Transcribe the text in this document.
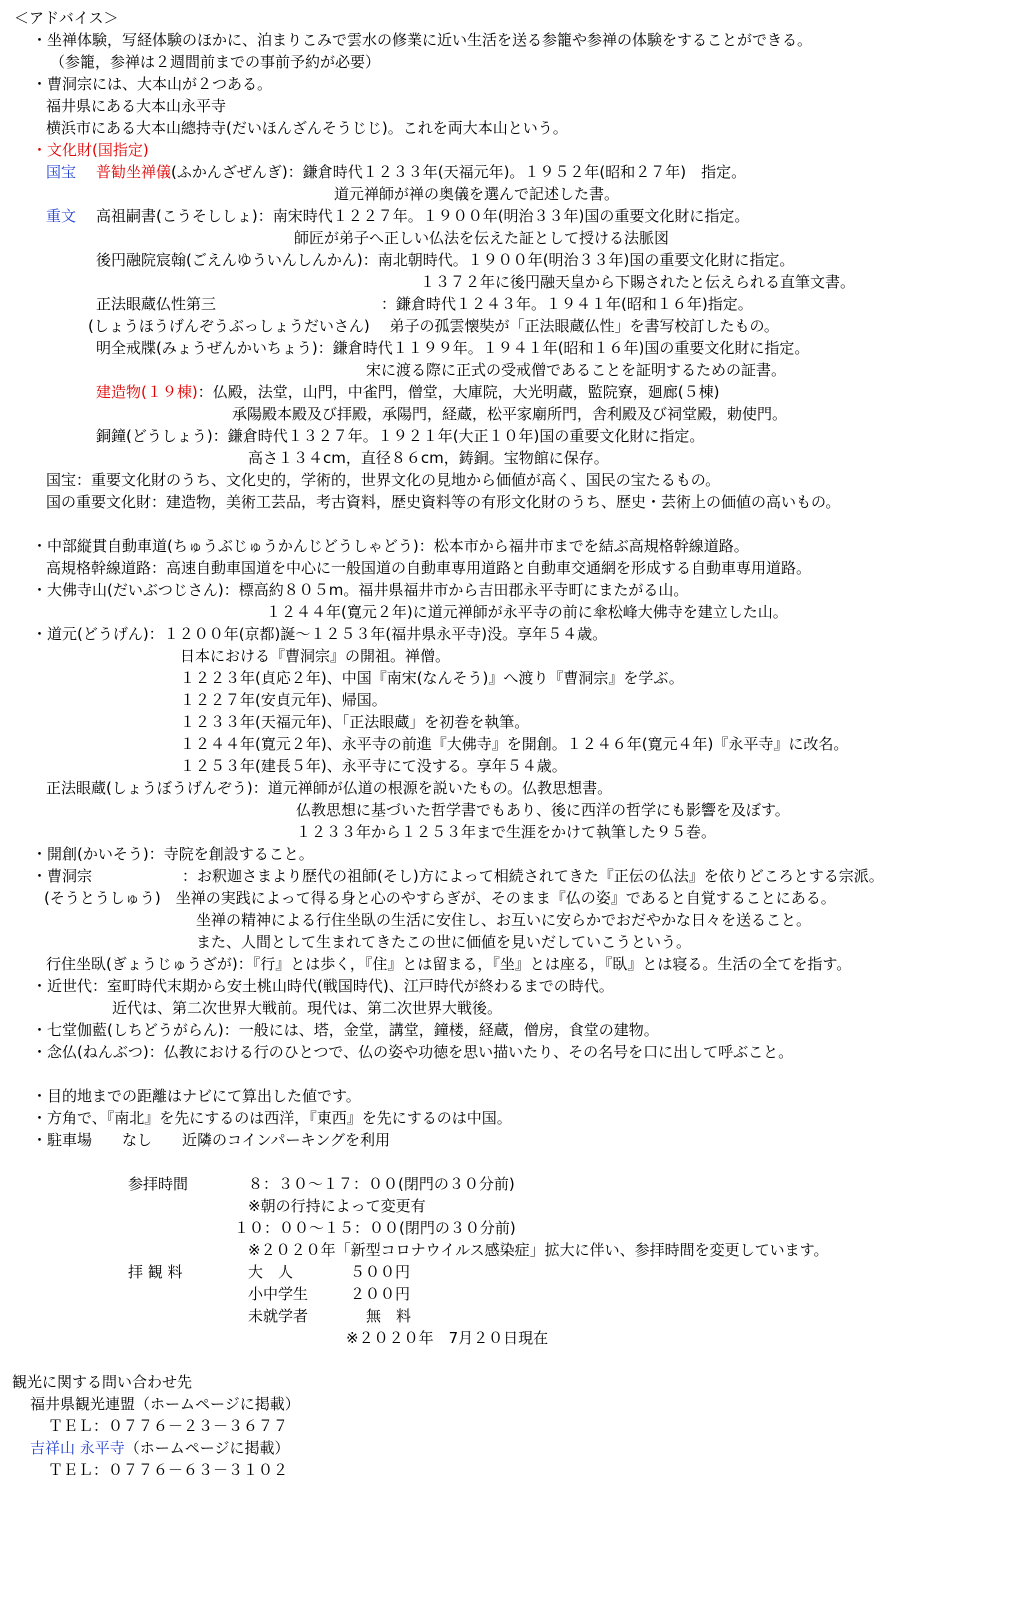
＜アドバイス＞
・坐禅体験，写経体験のほかに、泊まりこみで雲水の修業に近い生活を送る参籠や参禅の体験をすることができる。
（参籠，参禅は２週間前までの事前予約が必要）
・曹洞宗には、大本山が２つある。
福井県にある大本山永平寺
横浜市にある大本山總持寺(だいほんざんそうじじ)。これを両大本山という。
・文化財(国指定)
国宝 普勧坐禅儀(ふかんざぜんぎ)：鎌倉時代１２３３年(天福元年)。１９５２年(昭和２７年)　指定。
道元禅師が禅の奥儀を選んで記述した書。
重文 高祖嗣書(こうそししょ)：南宋時代１２２７年。１９００年(明治３３年)国の重要文化財に指定。
師匠が弟子へ正しい仏法を伝えた証として授ける法脈図
後円融院宸翰(ごえんゆういんしんかん)：南北朝時代。１９００年(明治３３年)国の重要文化財に指定。
１３７２年に後円融天皇から下賜されたと伝えられる直筆文書。
正法眼蔵仏性第三　　　　　　　　　　　：鎌倉時代１２４３年。１９４１年(昭和１６年)指定。
(しょうほうげんぞうぶっしょうだいさん)　 弟子の孤雲懐奘が「正法眼蔵仏性」を書写校訂したもの。
明全戒牒(みょうぜんかいちょう)：鎌倉時代１１９９年。１９４１年(昭和１６年)国の重要文化財に指定。
宋に渡る際に正式の受戒僧であることを証明するための証書。
建造物(１９棟)：仏殿，法堂，山門，中雀門，僧堂，大庫院，大光明蔵，監院寮，廻廊(５棟)
承陽殿本殿及び拝殿，承陽門，経蔵，松平家廟所門，舎利殿及び祠堂殿，勅使門。
銅鐘(どうしょう)：鎌倉時代１３２７年。１９２１年(大正１０年)国の重要文化財に指定。
高さ１３４cm，直径８６cm，鋳銅。宝物館に保存。
国宝：重要文化財のうち、文化史的，学術的，世界文化の見地から価値が高く、国民の宝たるもの。
国の重要文化財：建造物，美術工芸品，考古資料，歴史資料等の有形文化財のうち、歴史・芸術上の価値の高いもの。
・中部縦貫自動車道(ちゅうぶじゅうかんじどうしゃどう)：松本市から福井市までを結ぶ高規格幹線道路。
高規格幹線道路：高速自動車国道を中心に一般国道の自動車専用道路と自動車交通網を形成する自動車専用道路。
・大佛寺山(だいぶつじさん)：標高約８０５m。福井県福井市から吉田郡永平寺町にまたがる山。
１２４４年(寛元２年)に道元禅師が永平寺の前に傘松峰大佛寺を建立した山。
・道元(どうげん)：１２００年(京都)誕～１２５３年(福井県永平寺)没。享年５４歳。
日本における『曹洞宗』の開祖。禅僧。
１２２３年(貞応２年)、中国『南宋(なんそう)』へ渡り『曹洞宗』を学ぶ。
１２２７年(安貞元年)、帰国。
１２３３年(天福元年)、「正法眼蔵」を初巻を執筆。
１２４４年(寛元２年)、永平寺の前進『大佛寺』を開創。１２４６年(寛元４年)『永平寺』に改名。
１２５３年(建長５年)、永平寺にて没する。享年５４歳。
正法眼蔵(しょうぼうげんぞう)：道元禅師が仏道の根源を説いたもの。仏教思想書。
仏教思想に基づいた哲学書でもあり、後に西洋の哲学にも影響を及ぼす。
１２３３年から１２５３年まで生涯をかけて執筆した９５巻。
・開創(かいそう)：寺院を創設すること。
・曹洞宗　　　　　　：お釈迦さまより歴代の祖師(そし)方によって相続されてきた『正伝の仏法』を依りどころとする宗派。
(そうとうしゅう)　坐禅の実践によって得る身と心のやすらぎが、そのまま『仏の姿』であると自覚することにある。
坐禅の精神による行住坐臥の生活に安住し、お互いに安らかでおだやかな日々を送ること。
また、人間として生まれてきたこの世に価値を見いだしていこうという。
行住坐臥(ぎょうじゅうざが)：『行』とは歩く，『住』とは留まる，『坐』とは座る，『臥』とは寝る。生活の全てを指す。
・近世代：室町時代末期から安土桃山時代(戦国時代)、江戸時代が終わるまでの時代。
近代は、第二次世界大戦前。現代は、第二次世界大戦後。
・七堂伽藍(しちどうがらん)：一般には、塔，金堂，講堂，鐘楼，経蔵，僧房，食堂の建物。
・念仏(ねんぶつ)：仏教における行のひとつで、仏の姿や功徳を思い描いたり、その名号を口に出して呼ぶこと。
・目的地までの距離はナビにて算出した値です。
・方角で、『南北』を先にするのは西洋，『東西』を先にするのは中国。
・駐車場　　なし　　近隣のコインパーキングを利用
参拝時間	８：３０～１７：００(閉門の３０分前)
※朝の行持によって変更有
１０：００～１５：００(閉門の３０分前)
※２０２０年「新型コロナウイルス感染症」拡大に伴い、参拝時間を変更しています。
拝 観 料	大　人	５００円
小中学生	２００円
未就学者	無　料
※２０２０年　7月２０日現在
観光に関する問い合わせ先
福井県観光連盟（ホームページに掲載）
ＴＥＬ：０７７６－２３－３６７７
吉祥山 永平寺（ホームページに掲載）
ＴＥＬ：０７７６－６３－３１０２
